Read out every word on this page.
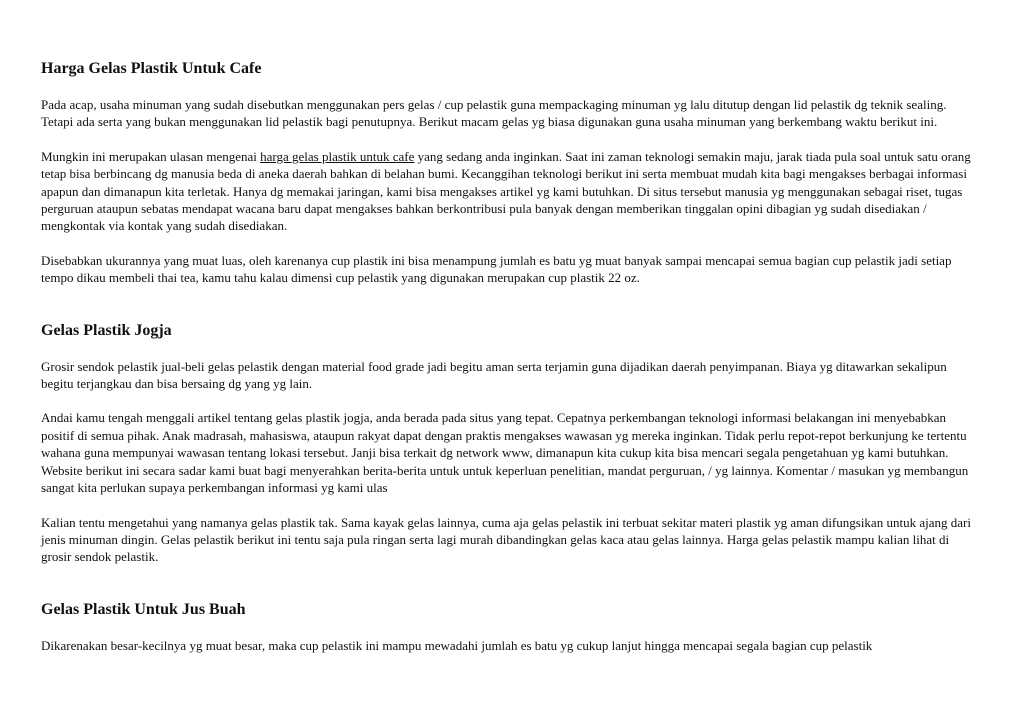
Harga Gelas Plastik Untuk Cafe

Pada acap, usaha minuman yang sudah disebutkan menggunakan pers gelas / cup pelastik guna mempackaging minuman yg lalu ditutup dengan lid pelastik dg teknik sealing. Tetapi ada serta yang bukan menggunakan lid pelastik bagi penutupnya. Berikut macam gelas yg biasa digunakan guna usaha minuman yang berkembang waktu berikut ini.

Mungkin ini merupakan ulasan mengenai harga gelas plastik untuk cafe yang sedang anda inginkan. Saat ini zaman teknologi semakin maju, jarak tiada pula soal untuk satu orang tetap bisa berbincang dg manusia beda di aneka daerah bahkan di belahan bumi. Kecanggihan teknologi berikut ini serta membuat mudah kita bagi mengakses berbagai informasi apapun dan dimanapun kita terletak. Hanya dg memakai jaringan, kami bisa mengakses artikel yg kami butuhkan. Di situs tersebut manusia yg menggunakan sebagai riset, tugas perguruan ataupun sebatas mendapat wacana baru dapat mengakses bahkan berkontribusi pula banyak dengan memberikan tinggalan opini dibagian yg sudah disediakan / mengkontak via kontak yang sudah disediakan.

Disebabkan ukurannya yang muat luas, oleh karenanya cup plastik ini bisa menampung jumlah es batu yg muat banyak sampai mencapai semua bagian cup pelastik jadi setiap tempo dikau membeli thai tea, kamu tahu kalau dimensi cup pelastik yang digunakan merupakan cup plastik 22 oz.

Gelas Plastik Jogja

Grosir sendok pelastik jual-beli gelas pelastik dengan material food grade jadi begitu aman serta terjamin guna dijadikan daerah penyimpanan. Biaya yg ditawarkan sekalipun begitu terjangkau dan bisa bersaing dg yang yg lain.

Andai kamu tengah menggali artikel tentang gelas plastik jogja, anda berada pada situs yang tepat. Cepatnya perkembangan teknologi informasi belakangan ini menyebabkan positif di semua pihak. Anak madrasah, mahasiswa, ataupun rakyat dapat dengan praktis mengakses wawasan yg mereka inginkan. Tidak perlu repot-repot berkunjung ke tertentu wahana guna mempunyai wawasan tentang lokasi tersebut. Janji bisa terkait dg network www, dimanapun kita cukup kita bisa mencari segala pengetahuan yg kami butuhkan. Website berikut ini secara sadar kami buat bagi menyerahkan berita-berita untuk untuk keperluan penelitian, mandat perguruan, / yg lainnya. Komentar / masukan yg membangun sangat kita perlukan supaya perkembangan informasi yg kami ulas

Kalian tentu mengetahui yang namanya gelas plastik tak. Sama kayak gelas lainnya, cuma aja gelas pelastik ini terbuat sekitar materi plastik yg aman difungsikan untuk ajang dari jenis minuman dingin. Gelas pelastik berikut ini tentu saja pula ringan serta lagi murah dibandingkan gelas kaca atau gelas lainnya. Harga gelas pelastik mampu kalian lihat di grosir sendok pelastik.

Gelas Plastik Untuk Jus Buah

Dikarenakan besar-kecilnya yg muat besar, maka cup pelastik ini mampu mewadahi jumlah es batu yg cukup lanjut hingga mencapai segala bagian cup pelastik
